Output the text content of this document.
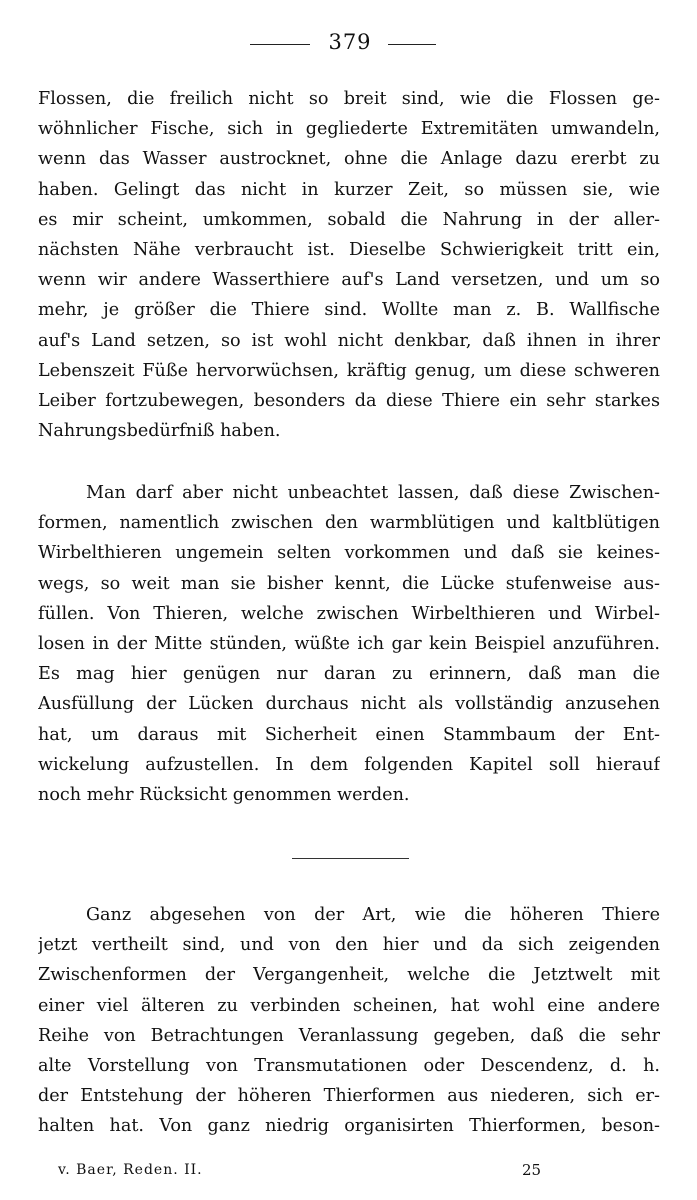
379
Flossen, die freilich nicht so breit sind, wie die Flossen ge-
wöhnlicher Fische, sich in gegliederte Extremitäten umwandeln,
wenn das Wasser austrocknet, ohne die Anlage dazu ererbt zu
haben. Gelingt das nicht in kurzer Zeit, so müssen sie, wie
es mir scheint, umkommen, sobald die Nahrung in der aller-
nächsten Nähe verbraucht ist. Dieselbe Schwierigkeit tritt ein,
wenn wir andere Wasserthiere auf's Land versetzen, und um so
mehr, je größer die Thiere sind. Wollte man z. B. Wallfische
auf's Land setzen, so ist wohl nicht denkbar, daß ihnen in ihrer
Lebenszeit Füße hervorwüchsen, kräftig genug, um diese schweren
Leiber fortzubewegen, besonders da diese Thiere ein sehr starkes
Nahrungsbedürfniß haben.
Man darf aber nicht unbeachtet lassen, daß diese Zwischen-
formen, namentlich zwischen den warmblütigen und kaltblütigen
Wirbelthieren ungemein selten vorkommen und daß sie keines-
wegs, so weit man sie bisher kennt, die Lücke stufenweise aus-
füllen. Von Thieren, welche zwischen Wirbelthieren und Wirbel-
losen in der Mitte stünden, wüßte ich gar kein Beispiel anzuführen.
Es mag hier genügen nur daran zu erinnern, daß man die
Ausfüllung der Lücken durchaus nicht als vollständig anzusehen
hat, um daraus mit Sicherheit einen Stammbaum der Ent-
wickelung aufzustellen. In dem folgenden Kapitel soll hierauf
noch mehr Rücksicht genommen werden.
Ganz abgesehen von der Art, wie die höheren Thiere
jetzt vertheilt sind, und von den hier und da sich zeigenden
Zwischenformen der Vergangenheit, welche die Jetztwelt mit
einer viel älteren zu verbinden scheinen, hat wohl eine andere
Reihe von Betrachtungen Veranlassung gegeben, daß die sehr
alte Vorstellung von Transmutationen oder Descendenz, d. h.
der Entstehung der höheren Thierformen aus niederen, sich er-
halten hat. Von ganz niedrig organisirten Thierformen, beson-
v. Baer, Reden. II.	25
